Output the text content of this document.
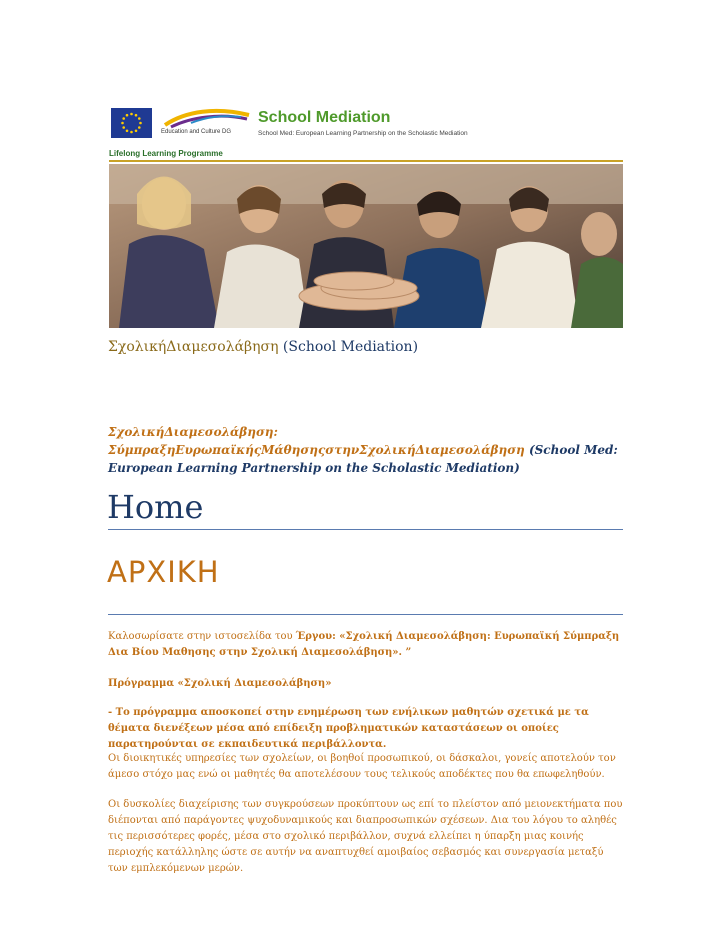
Education and Culture DG
School Mediation
School Med: European Learning Partnership on the Scholastic Mediation
Lifelong Learning Programme
ΣχολικήΔιαμεσολάβηση (School Mediation)
ΣχολικήΔιαμεσολάβηση:
ΣύμπραξηΕυρωπαϊκήςΜάθησηςστηνΣχολικήΔιαμεσολάβηση (School Med:
European Learning Partnership on the Scholastic Mediation)
Home
ΑΡΧΙΚΗ
Καλοσωρίσατε στην ιστοσελίδα του Έργου: «Σχολική Διαμεσολάβηση: Ευρωπαϊκή Σύμπραξη Δια Βίου Μαθησης στην Σχολική Διαμεσολάβηση». ”
Πρόγραμμα «Σχολική Διαμεσολάβηση»
- Το πρόγραμμα αποσκοπεί στην ενημέρωση των ενήλικων μαθητών σχετικά με τα θέματα διενέξεων μέσα από επίδειξη προβληματικών καταστάσεων οι οποίες παρατηρούνται σε εκπαιδευτικά περιβάλλοντα.
Οι διοικητικές υπηρεσίες των σχολείων, οι βοηθοί προσωπικού, οι δάσκαλοι, γονείς αποτελούν τον άμεσο στόχο μας ενώ οι μαθητές θα αποτελέσουν τους τελικούς αποδέκτες που θα επωφεληθούν.
Οι δυσκολίες διαχείρισης των συγκρούσεων προκύπτουν ως επί το πλείστον από μειονεκτήματα που διέπονται από παράγοντες ψυχοδυναμικούς και διαπροσωπικών σχέσεων. Δια του λόγου το αληθές τις περισσότερες φορές, μέσα στο σχολικό περιβάλλον, συχνά ελλείπει η ύπαρξη μιας κοινής περιοχής κατάλληλης ώστε σε αυτήν να αναπτυχθεί αμοιβαίος σεβασμός και συνεργασία μεταξύ των εμπλεκόμενων μερών.
